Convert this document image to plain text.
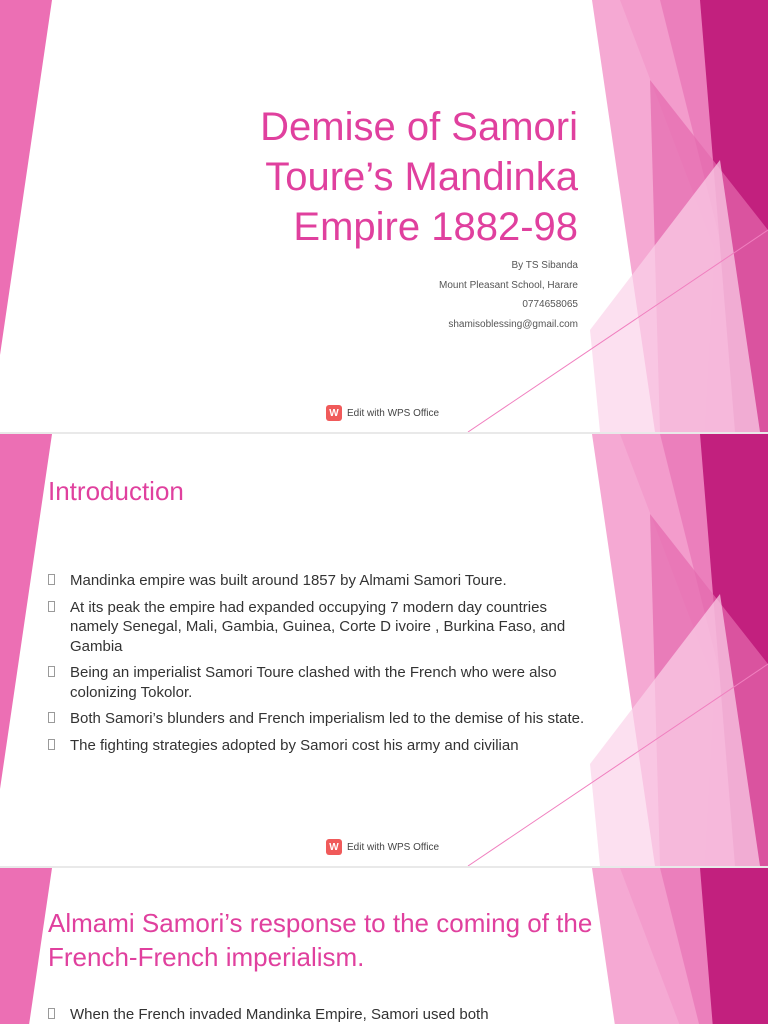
Demise of Samori Toure’s Mandinka Empire 1882-98
By TS Sibanda
Mount Pleasant School, Harare
0774658065
shamisoblessing@gmail.com
W Edit with WPS Office
Introduction
Mandinka empire was built around 1857 by Almami Samori Toure.
At its peak the empire had expanded occupying 7 modern day countries namely Senegal, Mali, Gambia, Guinea, Corte D ivoire , Burkina Faso, and Gambia
Being an imperialist Samori Toure clashed with the French who were also colonizing Tokolor.
Both Samori’s blunders and French imperialism led to the demise of his state.
The fighting strategies adopted by Samori cost his army and civilian
W Edit with WPS Office
Almami Samori’s response to the coming of the French-French imperialism.
When the French invaded Mandinka Empire, Samori used both
